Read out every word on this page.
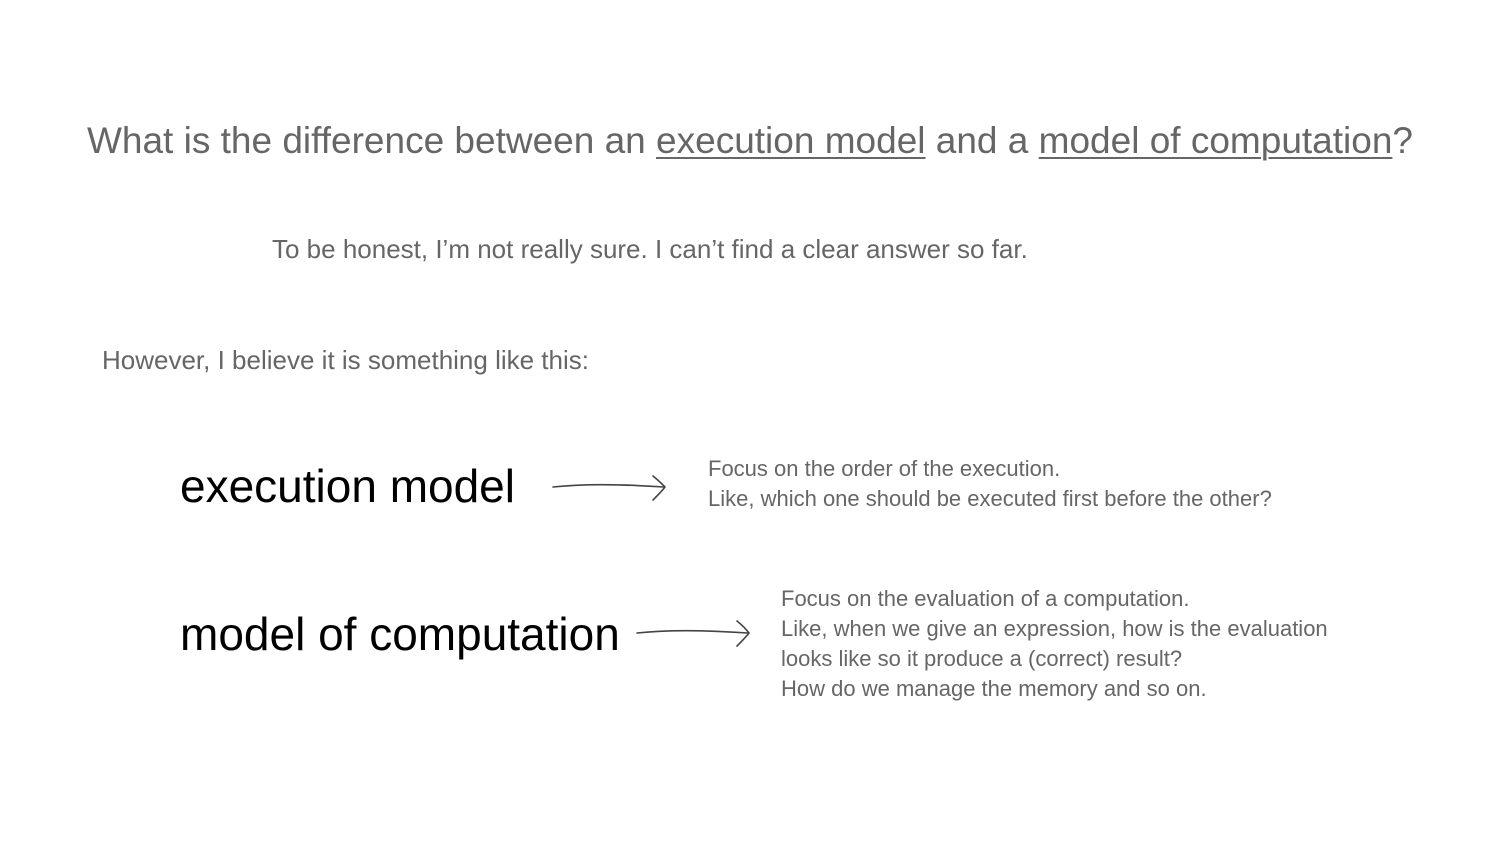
What is the difference between an execution model and a model of computation?
To be honest, I’m not really sure. I can’t find a clear answer so far.
However, I believe it is something like this:
execution model	Focus on the order of the execution.
Like, which one should be executed first before the other?
model of computation
Focus on the evaluation of a computation.
Like, when we give an expression, how is the evaluation
looks like so it produce a (correct) result?
How do we manage the memory and so on.
